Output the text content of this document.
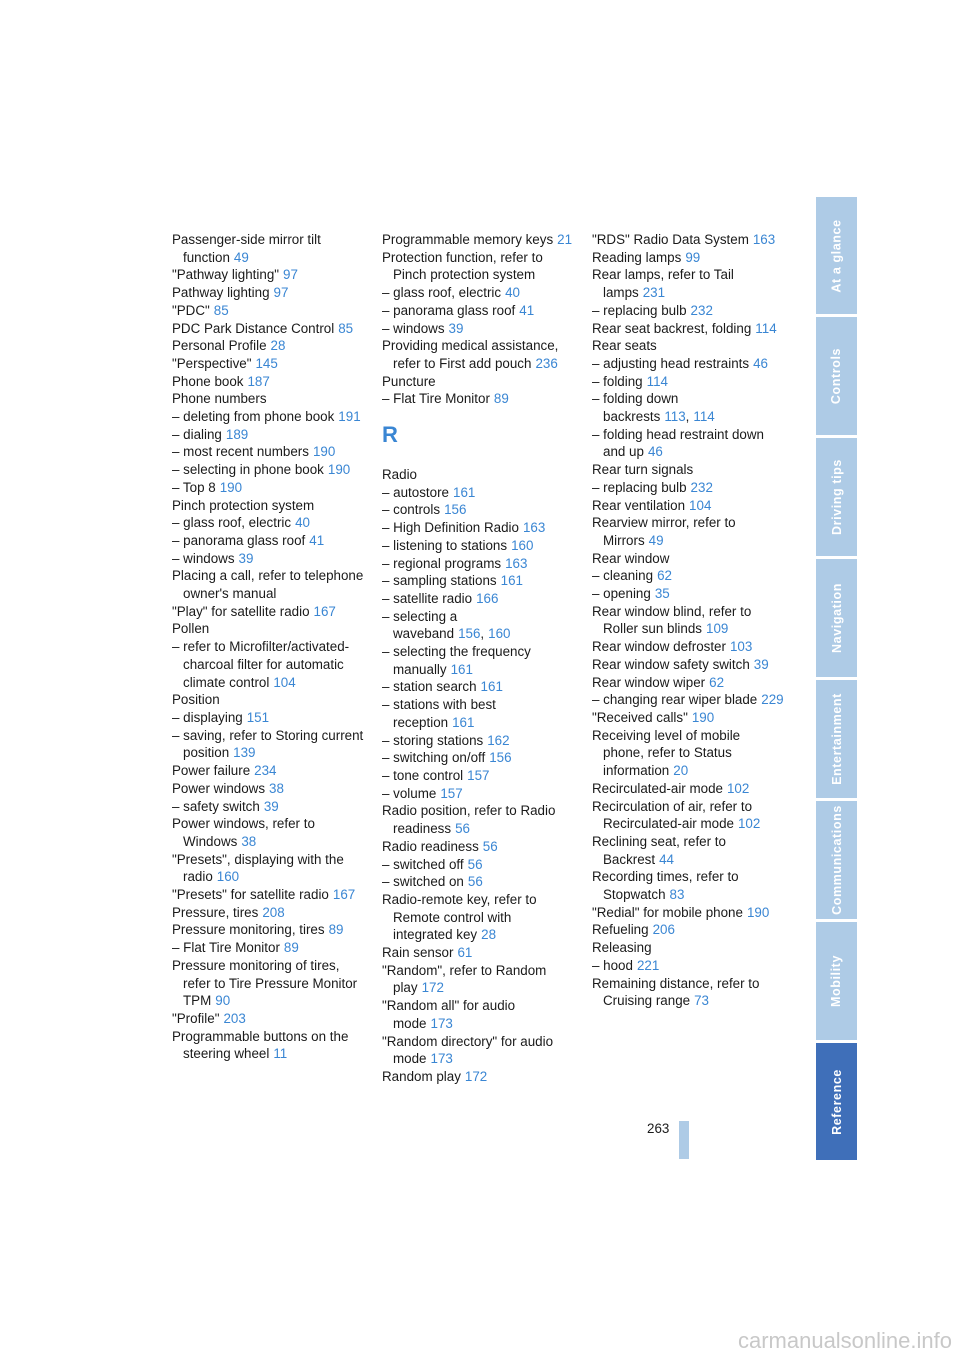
Passenger-side mirror tilt function 49
"Pathway lighting" 97
Pathway lighting 97
"PDC" 85
PDC Park Distance Control 85
Personal Profile 28
"Perspective" 145
Phone book 187
Phone numbers
– deleting from phone book 191
– dialing 189
– most recent numbers 190
– selecting in phone book 190
– Top 8 190
Pinch protection system
– glass roof, electric 40
– panorama glass roof 41
– windows 39
Placing a call, refer to telephone owner's manual
"Play" for satellite radio 167
Pollen
– refer to Microfilter/activated-charcoal filter for automatic climate control 104
Position
– displaying 151
– saving, refer to Storing current position 139
Power failure 234
Power windows 38
– safety switch 39
Power windows, refer to Windows 38
"Presets", displaying with the radio 160
"Presets" for satellite radio 167
Pressure, tires 208
Pressure monitoring, tires 89
– Flat Tire Monitor 89
Pressure monitoring of tires, refer to Tire Pressure Monitor TPM 90
"Profile" 203
Programmable buttons on the steering wheel 11
Programmable memory keys 21
Protection function, refer to Pinch protection system
– glass roof, electric 40
– panorama glass roof 41
– windows 39
Providing medical assistance, refer to First add pouch 236
Puncture
– Flat Tire Monitor 89
R
Radio
– autostore 161
– controls 156
– High Definition Radio 163
– listening to stations 160
– regional programs 163
– sampling stations 161
– satellite radio 166
– selecting a waveband 156, 160
– selecting the frequency manually 161
– station search 161
– stations with best reception 161
– storing stations 162
– switching on/off 156
– tone control 157
– volume 157
Radio position, refer to Radio readiness 56
Radio readiness 56
– switched off 56
– switched on 56
Radio-remote key, refer to Remote control with integrated key 28
Rain sensor 61
"Random", refer to Random play 172
"Random all" for audio mode 173
"Random directory" for audio mode 173
Random play 172
"RDS" Radio Data System 163
Reading lamps 99
Rear lamps, refer to Tail lamps 231
– replacing bulb 232
Rear seat backrest, folding 114
Rear seats
– adjusting head restraints 46
– folding 114
– folding down backrests 113, 114
– folding head restraint down and up 46
Rear turn signals
– replacing bulb 232
Rear ventilation 104
Rearview mirror, refer to Mirrors 49
Rear window
– cleaning 62
– opening 35
Rear window blind, refer to Roller sun blinds 109
Rear window defroster 103
Rear window safety switch 39
Rear window wiper 62
– changing rear wiper blade 229
"Received calls" 190
Receiving level of mobile phone, refer to Status information 20
Recirculated-air mode 102
Recirculation of air, refer to Recirculated-air mode 102
Reclining seat, refer to Backrest 44
Recording times, refer to Stopwatch 83
"Redial" for mobile phone 190
Refueling 206
Releasing
– hood 221
Remaining distance, refer to Cruising range 73
At a glance
Controls
Driving tips
Navigation
Entertainment
Communications
Mobility
Reference
263
carmanualsonline.info
